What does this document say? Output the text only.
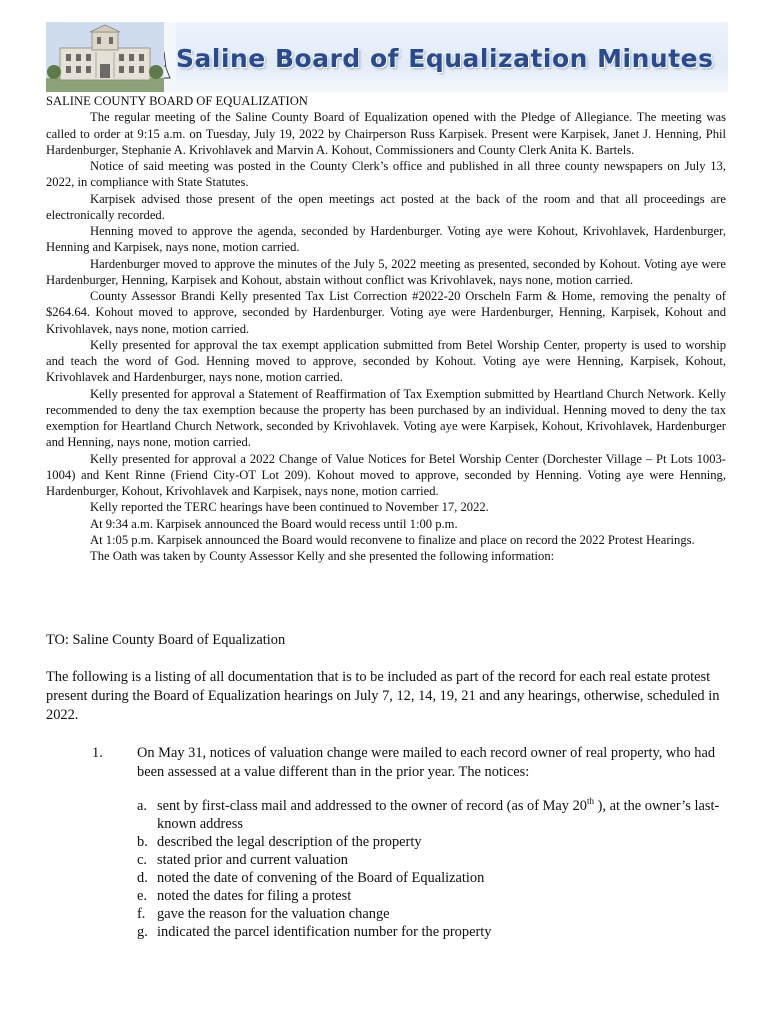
Saline Board of Equalization Minutes

SALINE COUNTY BOARD OF EQUALIZATION

The regular meeting of the Saline County Board of Equalization opened with the Pledge of Allegiance. The meeting was called to order at 9:15 a.m. on Tuesday, July 19, 2022 by Chairperson Russ Karpisek. Present were Karpisek, Janet J. Henning, Phil Hardenburger, Stephanie A. Krivohlavek and Marvin A. Kohout, Commissioners and County Clerk Anita K. Bartels.

Notice of said meeting was posted in the County Clerk’s office and published in all three county newspapers on July 13, 2022, in compliance with State Statutes.

Karpisek advised those present of the open meetings act posted at the back of the room and that all proceedings are electronically recorded.

Henning moved to approve the agenda, seconded by Hardenburger. Voting aye were Kohout, Krivohlavek, Hardenburger, Henning and Karpisek, nays none, motion carried.

Hardenburger moved to approve the minutes of the July 5, 2022 meeting as presented, seconded by Kohout. Voting aye were Hardenburger, Henning, Karpisek and Kohout, abstain without conflict was Krivohlavek, nays none, motion carried.

County Assessor Brandi Kelly presented Tax List Correction #2022-20 Orscheln Farm & Home, removing the penalty of $264.64. Kohout moved to approve, seconded by Hardenburger. Voting aye were Hardenburger, Henning, Karpisek, Kohout and Krivohlavek, nays none, motion carried.

Kelly presented for approval the tax exempt application submitted from Betel Worship Center, property is used to worship and teach the word of God. Henning moved to approve, seconded by Kohout. Voting aye were Henning, Karpisek, Kohout, Krivohlavek and Hardenburger, nays none, motion carried.

Kelly presented for approval a Statement of Reaffirmation of Tax Exemption submitted by Heartland Church Network. Kelly recommended to deny the tax exemption because the property has been purchased by an individual. Henning moved to deny the tax exemption for Heartland Church Network, seconded by Krivohlavek. Voting aye were Karpisek, Kohout, Krivohlavek, Hardenburger and Henning, nays none, motion carried.

Kelly presented for approval a 2022 Change of Value Notices for Betel Worship Center (Dorchester Village – Pt Lots 1003-1004) and Kent Rinne (Friend City-OT Lot 209). Kohout moved to approve, seconded by Henning. Voting aye were Henning, Hardenburger, Kohout, Krivohlavek and Karpisek, nays none, motion carried.

Kelly reported the TERC hearings have been continued to November 17, 2022.

At 9:34 a.m. Karpisek announced the Board would recess until 1:00 p.m.

At 1:05 p.m. Karpisek announced the Board would reconvene to finalize and place on record the 2022 Protest Hearings.

The Oath was taken by County Assessor Kelly and she presented the following information:

TO: Saline County Board of Equalization

The following is a listing of all documentation that is to be included as part of the record for each real estate protest present during the Board of Equalization hearings on July 7, 12, 14, 19, 21 and any hearings, otherwise, scheduled in 2022.

1. On May 31, notices of valuation change were mailed to each record owner of real property, who had been assessed at a value different than in the prior year. The notices:

a. sent by first-class mail and addressed to the owner of record (as of May 20th ), at the owner’s last-known address
b. described the legal description of the property
c. stated prior and current valuation
d. noted the date of convening of the Board of Equalization
e. noted the dates for filing a protest
f. gave the reason for the valuation change
g. indicated the parcel identification number for the property
